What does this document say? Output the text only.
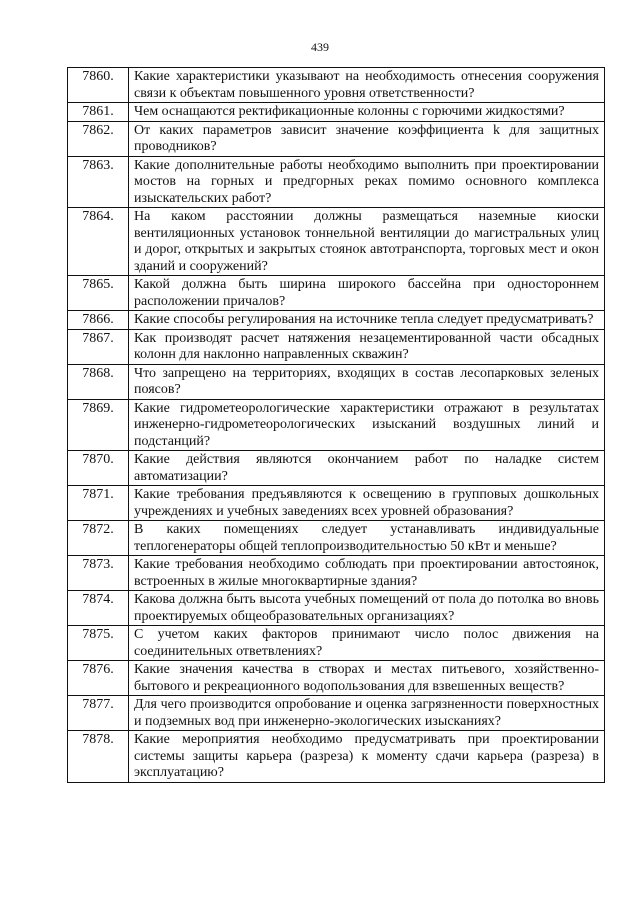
439
7860.	Какие характеристики указывают на необходимость отнесения сооружения связи к объектам повышенного уровня ответственности?
7861.	Чем оснащаются ректификационные колонны с горючими жидкостями?
7862.	От каких параметров зависит значение коэффициента k для защитных проводников?
7863.	Какие дополнительные работы необходимо выполнить при проектировании мостов на горных и предгорных реках помимо основного комплекса изыскательских работ?
7864.	На каком расстоянии должны размещаться наземные киоски вентиляционных установок тоннельной вентиляции до магистральных улиц и дорог, открытых и закрытых стоянок автотранспорта, торговых мест и окон зданий и сооружений?
7865.	Какой должна быть ширина широкого бассейна при одностороннем расположении причалов?
7866.	Какие способы регулирования на источнике тепла следует предусматривать?
7867.	Как производят расчет натяжения незацементированной части обсадных колонн для наклонно направленных скважин?
7868.	Что запрещено на территориях, входящих в состав лесопарковых зеленых поясов?
7869.	Какие гидрометеорологические характеристики отражают в результатах инженерно-гидрометеорологических изысканий воздушных линий и подстанций?
7870.	Какие действия являются окончанием работ по наладке систем автоматизации?
7871.	Какие требования предъявляются к освещению в групповых дошкольных учреждениях и учебных заведениях всех уровней образования?
7872.	В каких помещениях следует устанавливать индивидуальные теплогенераторы общей теплопроизводительностью 50 кВт и меньше?
7873.	Какие требования необходимо соблюдать при проектировании автостоянок, встроенных в жилые многоквартирные здания?
7874.	Какова должна быть высота учебных помещений от пола до потолка во вновь проектируемых общеобразовательных организациях?
7875.	С учетом каких факторов принимают число полос движения на соединительных ответвлениях?
7876.	Какие значения качества в створах и местах питьевого, хозяйственно-бытового и рекреационного водопользования для взвешенных веществ?
7877.	Для чего производится опробование и оценка загрязненности поверхностных и подземных вод при инженерно-экологических изысканиях?
7878.	Какие мероприятия необходимо предусматривать при проектировании системы защиты карьера (разреза) к моменту сдачи карьера (разреза) в эксплуатацию?
